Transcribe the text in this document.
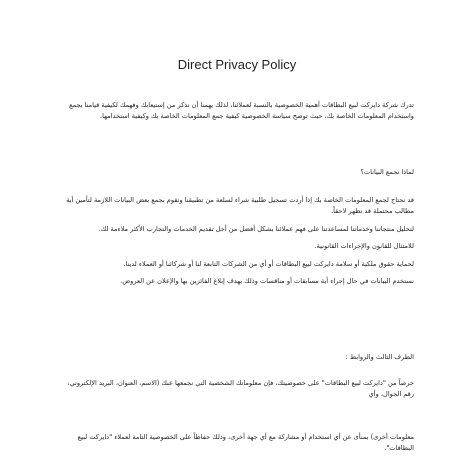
Direct Privacy Policy

تدرك شركة دايركت لبيع البطاقات أهمية الخصوصية بالنسبة لعملائنا، لذلك يهمنا أن نذكر من إستيعابك وفهمك لكيفية قيامنا بجمع واستخدام المعلومات الخاصة بك، حيث توضح سياسة الخصوصية كيفية جمع المعلومات الخاصة بك وكيفية استخدامها.

لماذا نجمع البيانات؟

قد نحتاج لجمع المعلومات الخاصة بك إذا أردت تسجيل طلبية شراء لسلعة من تطبيقنا ونقوم بجمع بعض البيانات اللازمة لتأمين أية مطالب محتملة قد تظهر لاحقاً.

لتحليل منتجاتنا وخدماتنا لمساعدتنا على فهم عملائنا بشكل أفضل من أجل تقديم الخدمات والتجارب الأكثر ملاءمة لك.

للامتثال للقانون والإجراءات القانونية.

لحماية حقوق ملكية أو سلامة دايركت لبيع البطاقات أو أي من الشركات التابعة لنا أو شركائنا أو العملاء لدينا.

نستخدم البيانات في حال إجراء أية مسابقات أو مناقسات وذلك بهدف إبلاغ الفائزين بها والإعلان عن العروض.

الطرف الثالث والروابط :

حرصاً من "دايركت لبيع البطاقات" على خصوصيتك، فإن معلوماتك الشخصية التي نجمعها عنك (الاسم، العنوان، البريد الإلكتروني، رقم الجوال، وأي

معلومات أخرى) بمنأى عن أي استخدام أو مشاركة مع أي جهة أخرى، وذلك حفاظاً على الخصوصية التامة لعملاء "دايركت لبيع البطاقات".
